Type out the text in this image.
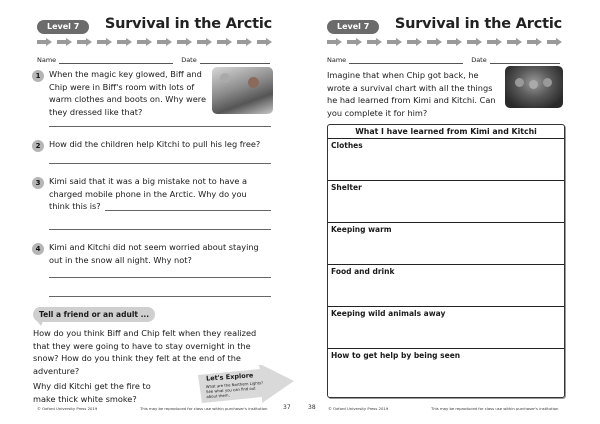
Level 7	Survival in the Arctic
Name	Date
1	When the magic key glowed, Biff and Chip were in Biff's room with lots of warm clothes and boots on. Why were they dressed like that?
2	How did the children help Kitchi to pull his leg free?
3	Kimi said that it was a big mistake not to have a charged mobile phone in the Arctic. Why do you
think this is?
4	Kimi and Kitchi did not seem worried about staying out in the snow all night. Why not?
Tell a friend or an adult ...
How do you think Biff and Chip felt when they realized that they were going to have to stay overnight in the snow? How do you think they felt at the end of the adventure?
Why did Kitchi get the fire to make thick white smoke?
Let's Explore
What are the Northern Lights? See what you can find out about them.
© Oxford University Press 2019	This may be reproduced for class use within purchaser's institution	37
Level 7	Survival in the Arctic
Name	Date
Imagine that when Chip got back, he wrote a survival chart with all the things he had learned from Kimi and Kitchi. Can you complete it for him?
What I have learned from Kimi and Kitchi
Clothes
Shelter
Keeping warm
Food and drink
Keeping wild animals away
How to get help by being seen
38	© Oxford University Press 2019	This may be reproduced for class use within purchaser's institution
